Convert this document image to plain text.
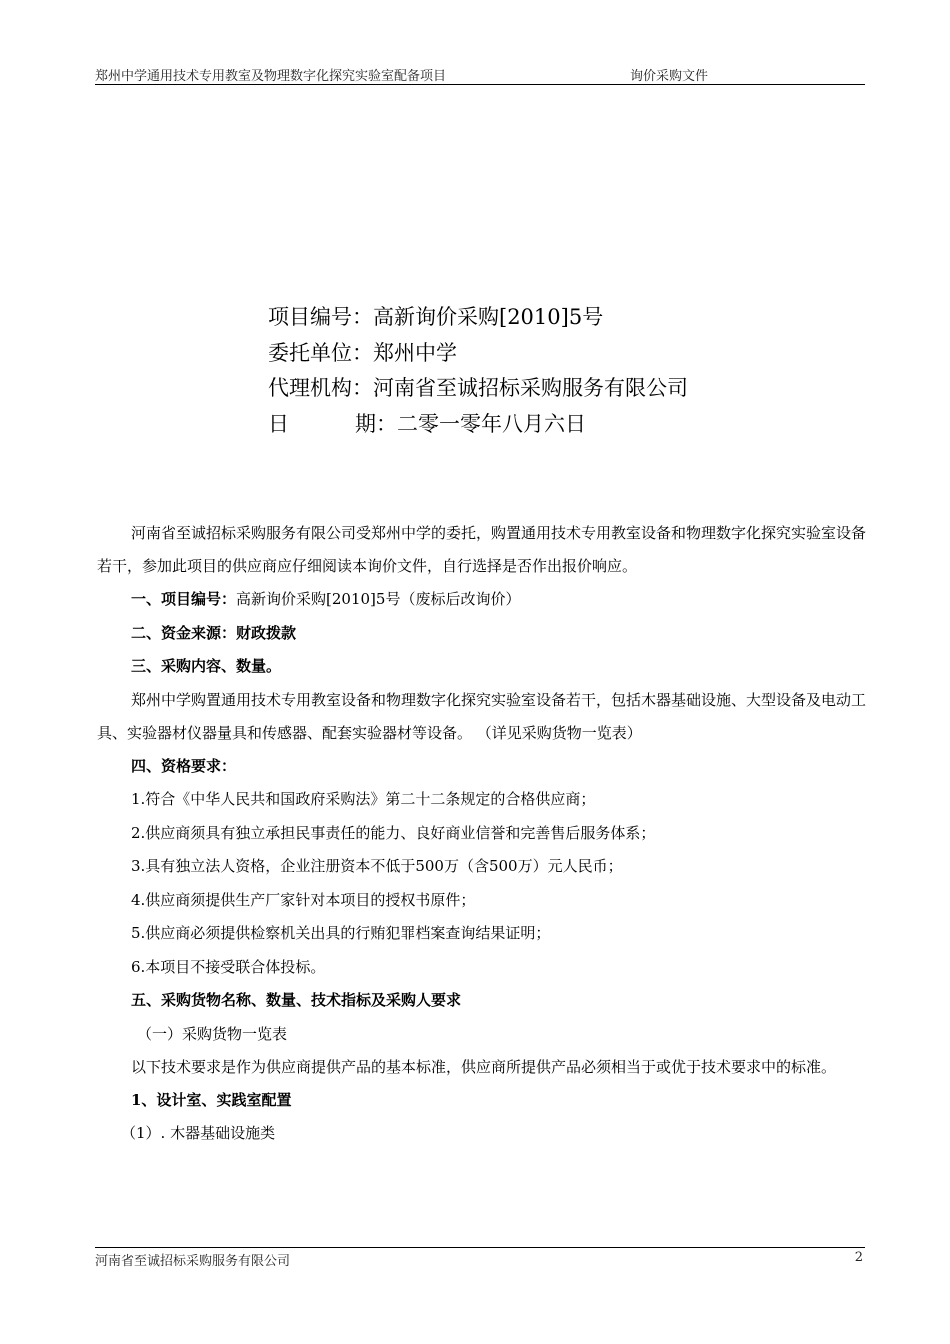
郑州中学通用技术专用教室及物理数字化探究实验室配备项目	询价采购文件
项目编号：高新询价采购[2010]5号
委托单位：郑州中学
代理机构：河南省至诚招标采购服务有限公司
日	期：二零一零年八月六日

河南省至诚招标采购服务有限公司受郑州中学的委托，购置通用技术专用教室设备和物理数字化探究实验室设备若干，参加此项目的供应商应仔细阅读本询价文件，自行选择是否作出报价响应。

一、项目编号：高新询价采购[2010]5号（废标后改询价）

二、资金来源：财政拨款

三、采购内容、数量。

郑州中学购置通用技术专用教室设备和物理数字化探究实验室设备若干，包括木器基础设施、大型设备及电动工具、实验器材仪器量具和传感器、配套实验器材等设备。 （详见采购货物一览表）

四、资格要求：

1.符合《中华人民共和国政府采购法》第二十二条规定的合格供应商；

2.供应商须具有独立承担民事责任的能力、良好商业信誉和完善售后服务体系；

3.具有独立法人资格，企业注册资本不低于500万（含500万）元人民币；

4.供应商须提供生产厂家针对本项目的授权书原件；

5.供应商必须提供检察机关出具的行贿犯罪档案查询结果证明；

6.本项目不接受联合体投标。

五、采购货物名称、数量、技术指标及采购人要求

（一）采购货物一览表

以下技术要求是作为供应商提供产品的基本标准，供应商所提供产品必须相当于或优于技术要求中的标准。

1、设计室、实践室配置

（1）. 木器基础设施类

河南省至诚招标采购服务有限公司	2
